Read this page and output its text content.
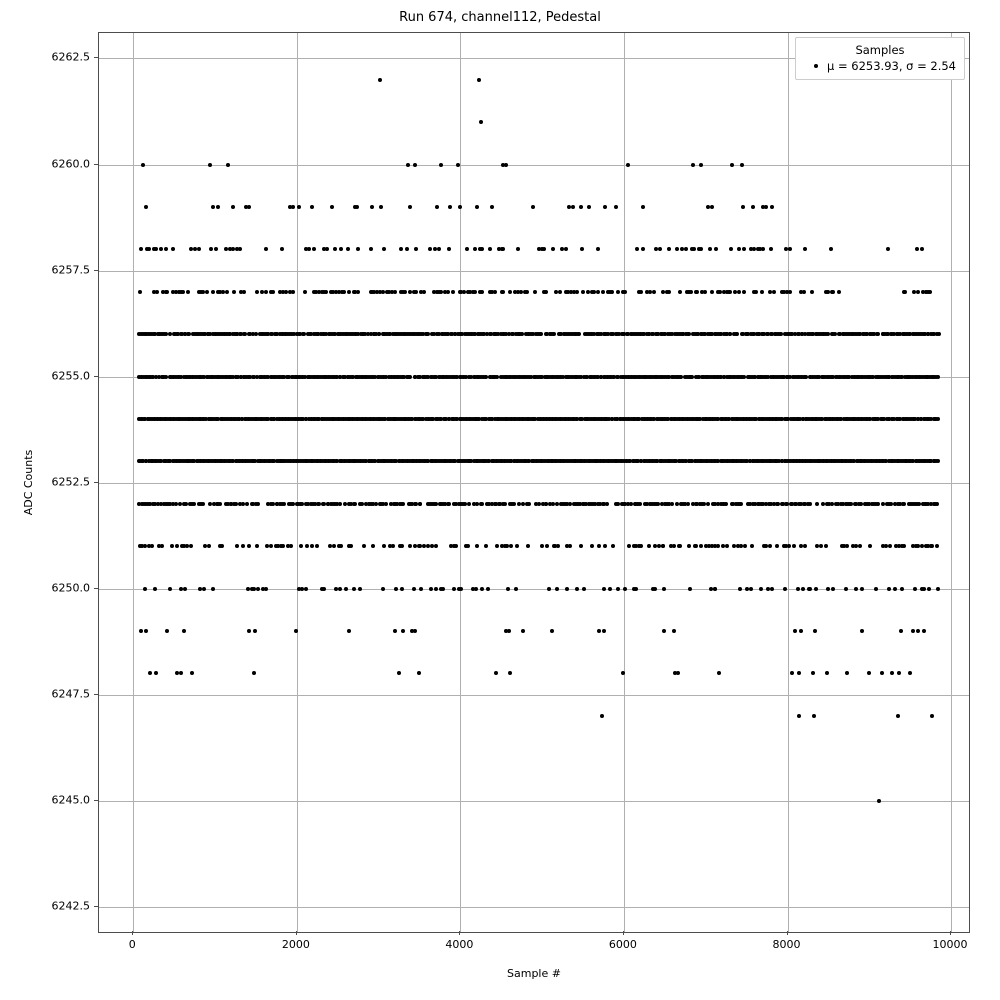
Run 674, channel112, Pedestal
Samples
μ = 6253.93, σ = 2.54
0	2000	4000	6000	8000	10000
6242.5
6245.0
6247.5
6250.0
6252.5
6255.0
6257.5
6260.0
6262.5
Sample #
ADC Counts
